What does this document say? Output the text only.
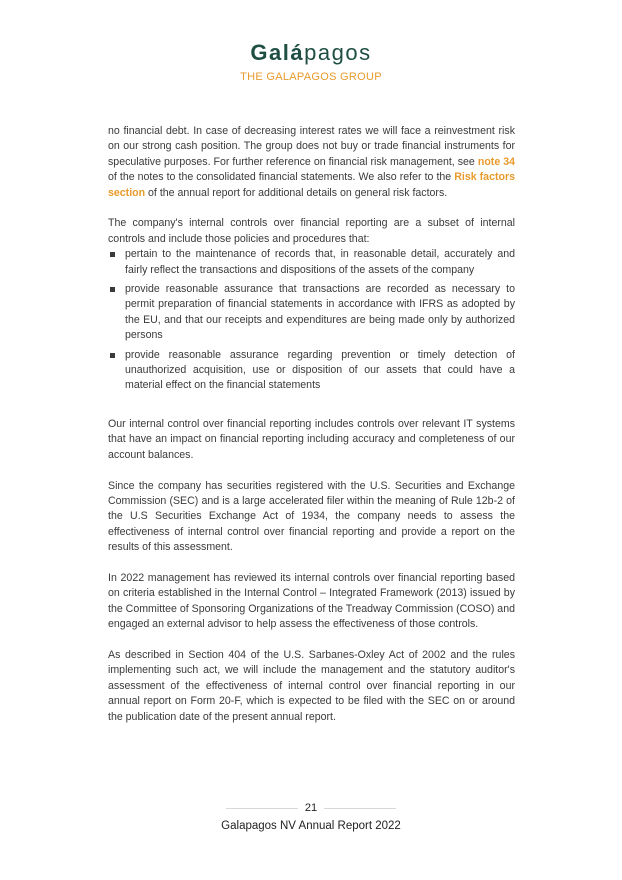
Galápagos
THE GALAPAGOS GROUP

no financial debt. In case of decreasing interest rates we will face a reinvestment risk on our strong cash position. The group does not buy or trade financial instruments for speculative purposes. For further reference on financial risk management, see note 34 of the notes to the consolidated financial statements. We also refer to the Risk factors section of the annual report for additional details on general risk factors.

The company's internal controls over financial reporting are a subset of internal controls and include those policies and procedures that:

pertain to the maintenance of records that, in reasonable detail, accurately and fairly reflect the transactions and dispositions of the assets of the company
provide reasonable assurance that transactions are recorded as necessary to permit preparation of financial statements in accordance with IFRS as adopted by the EU, and that our receipts and expenditures are being made only by authorized persons
provide reasonable assurance regarding prevention or timely detection of unauthorized acquisition, use or disposition of our assets that could have a material effect on the financial statements

Our internal control over financial reporting includes controls over relevant IT systems that have an impact on financial reporting including accuracy and completeness of our account balances.

Since the company has securities registered with the U.S. Securities and Exchange Commission (SEC) and is a large accelerated filer within the meaning of Rule 12b-2 of the U.S Securities Exchange Act of 1934, the company needs to assess the effectiveness of internal control over financial reporting and provide a report on the results of this assessment.

In 2022 management has reviewed its internal controls over financial reporting based on criteria established in the Internal Control – Integrated Framework (2013) issued by the Committee of Sponsoring Organizations of the Treadway Commission (COSO) and engaged an external advisor to help assess the effectiveness of those controls.

As described in Section 404 of the U.S. Sarbanes-Oxley Act of 2002 and the rules implementing such act, we will include the management and the statutory auditor's assessment of the effectiveness of internal control over financial reporting in our annual report on Form 20-F, which is expected to be filed with the SEC on or around the publication date of the present annual report.

21
Galapagos NV Annual Report 2022
